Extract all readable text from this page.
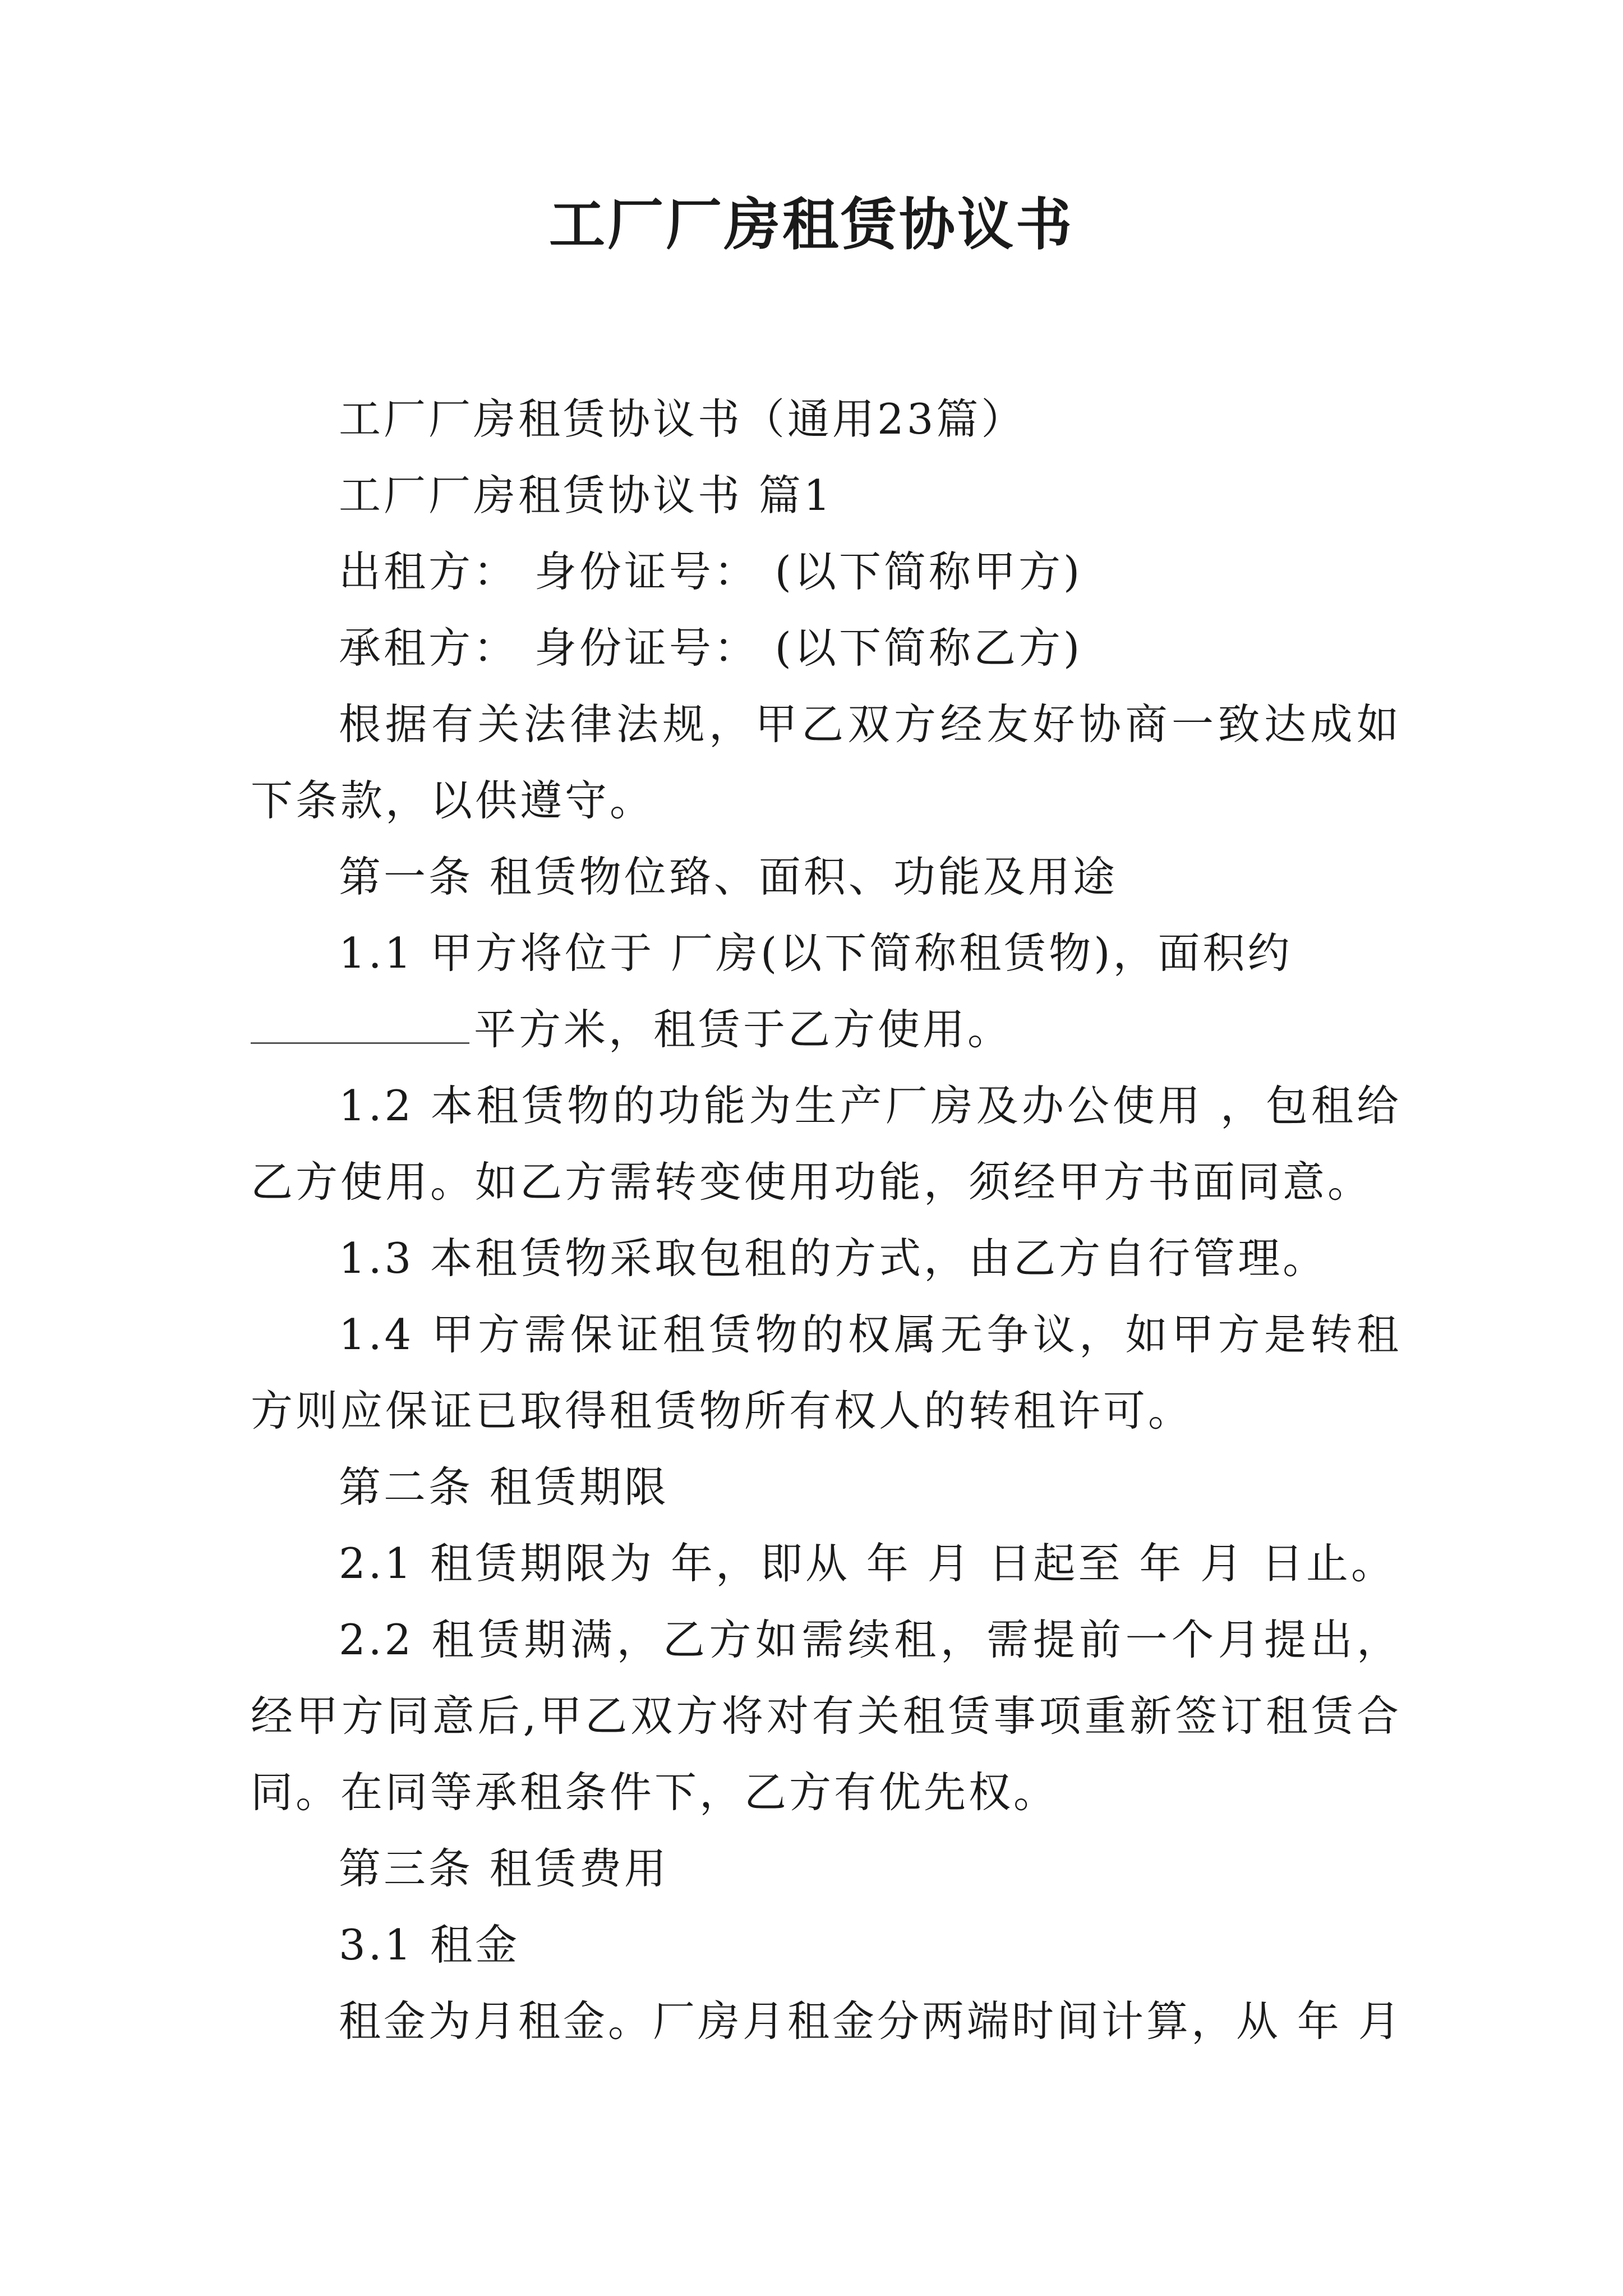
工厂厂房租赁协议书

工厂厂房租赁协议书（通用23篇）

工厂厂房租赁协议书 篇1

出租方： 身份证号： (以下简称甲方)

承租方： 身份证号： (以下简称乙方)

根据有关法律法规，甲乙双方经友好协商一致达成如下条款，以供遵守。

第一条 租赁物位臵、面积、功能及用途

1.1 甲方将位于 厂房(以下简称租赁物)，面积约
平方米，租赁于乙方使用。

1.2 本租赁物的功能为生产厂房及办公使用 ，包租给乙方使用。如乙方需转变使用功能，须经甲方书面同意。

1.3 本租赁物采取包租的方式，由乙方自行管理。

1.4 甲方需保证租赁物的权属无争议，如甲方是转租方则应保证已取得租赁物所有权人的转租许可。

第二条 租赁期限

2.1 租赁期限为 年，即从 年 月 日起至 年 月 日止。

2.2 租赁期满，乙方如需续租，需提前一个月提出，经甲方同意后,甲乙双方将对有关租赁事项重新签订租赁合同。在同等承租条件下，乙方有优先权。

第三条 租赁费用

3.1 租金

租金为月租金。厂房月租金分两端时间计算，从 年 月
